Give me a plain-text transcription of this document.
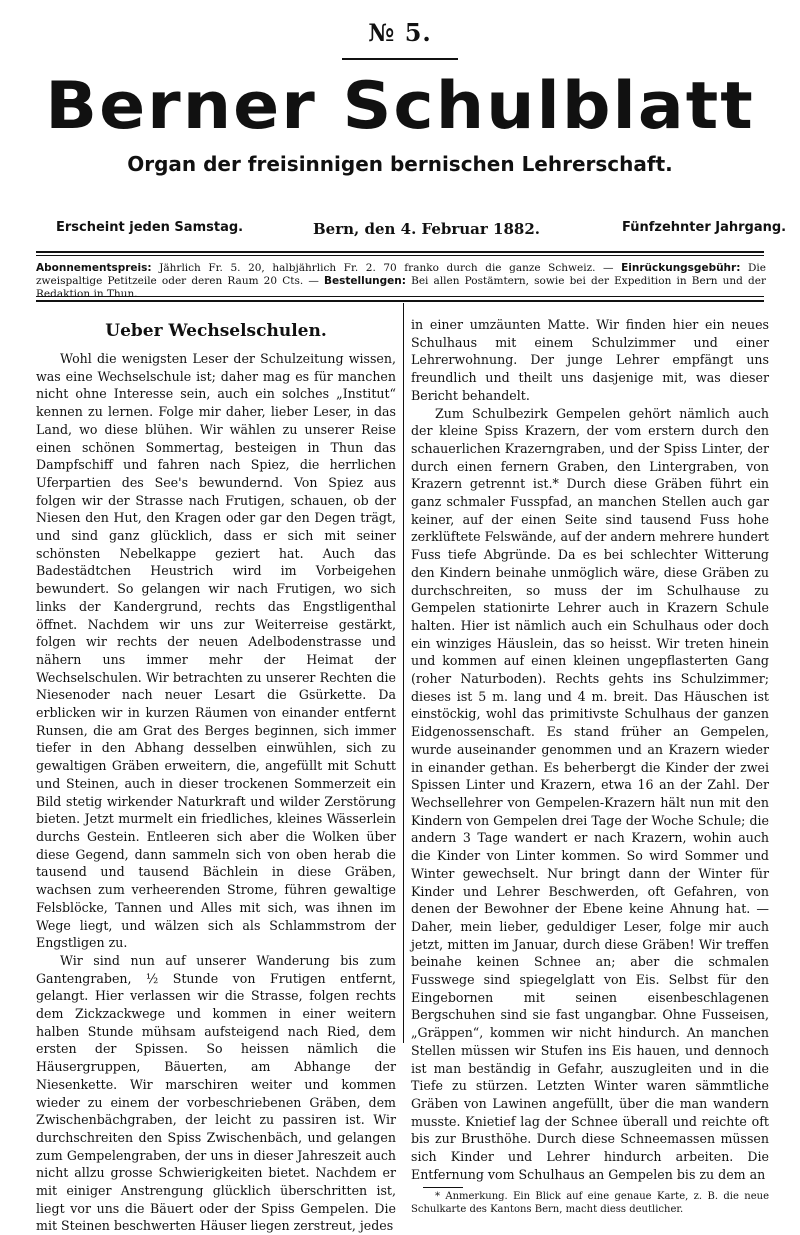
№ 5.
Berner Schulblatt
Organ der freisinnigen bernischen Lehrerschaft.
Erscheint jeden Samstag.	Bern, den 4. Februar 1882.	Fünfzehnter Jahrgang.
Abonnementspreis: Jährlich Fr. 5. 20, halbjährlich Fr. 2. 70 franko durch die ganze Schweiz. — Einrückungsgebühr: Die zweispaltige Petitzeile oder deren Raum 20 Cts. — Bestellungen: Bei allen Postämtern, sowie bei der Expedition in Bern und der Redaktion in Thun.
Ueber Wechselschulen.

Wohl die wenigsten Leser der Schulzeitung wissen, was eine Wechselschule ist; daher mag es für manchen nicht ohne Interesse sein, auch ein solches „Institut“ kennen zu lernen. Folge mir daher, lieber Leser, in das Land, wo diese blühen. Wir wählen zu unserer Reise einen schönen Sommertag, besteigen in Thun das Dampfschiff und fahren nach Spiez, die herrlichen Uferpartien des See's bewundernd. Von Spiez aus folgen wir der Strasse nach Frutigen, schauen, ob der Niesen den Hut, den Kragen oder gar den Degen trägt, und sind ganz glücklich, dass er sich mit seiner schönsten Nebelkappe geziert hat. Auch das Badestädtchen Heustrich wird im Vorbeigehen bewundert. So gelangen wir nach Frutigen, wo sich links der Kandergrund, rechts das Engstligenthal öffnet. Nachdem wir uns zur Weiterreise gestärkt, folgen wir rechts der neuen Adelbodenstrasse und nähern uns immer mehr der Heimat der Wechselschulen. Wir betrachten zu unserer Rechten die Niesenoder nach neuer Lesart die Gsürkette. Da erblicken wir in kurzen Räumen von einander entfernt Runsen, die am Grat des Berges beginnen, sich immer tiefer in den Abhang desselben einwühlen, sich zu gewaltigen Gräben erweitern, die, angefüllt mit Schutt und Steinen, auch in dieser trockenen Sommerzeit ein Bild stetig wirkender Naturkraft und wilder Zerstörung bieten. Jetzt murmelt ein friedliches, kleines Wässerlein durchs Gestein. Entleeren sich aber die Wolken über diese Gegend, dann sammeln sich von oben herab die tausend und tausend Bächlein in diese Gräben, wachsen zum verheerenden Strome, führen gewaltige Felsblöcke, Tannen und Alles mit sich, was ihnen im Wege liegt, und wälzen sich als Schlammstrom der Engstligen zu.

Wir sind nun auf unserer Wanderung bis zum Gantengraben, ½ Stunde von Frutigen entfernt, gelangt. Hier verlassen wir die Strasse, folgen rechts dem Zickzackwege und kommen in einer weitern halben Stunde mühsam aufsteigend nach Ried, dem ersten der Spissen. So heissen nämlich die Häusergruppen, Bäuerten, am Abhange der Niesenkette. Wir marschiren weiter und kommen wieder zu einem der vorbeschriebenen Gräben, dem Zwischenbächgraben, der leicht zu passiren ist. Wir durchschreiten den Spiss Zwischenbäch, und gelangen zum Gempelengraben, der uns in dieser Jahreszeit auch nicht allzu grosse Schwierigkeiten bietet. Nachdem er mit einiger Anstrengung glücklich überschritten ist, liegt vor uns die Bäuert oder der Spiss Gempelen. Die mit Steinen beschwerten Häuser liegen zerstreut, jedes

in einer umzäunten Matte. Wir finden hier ein neues Schulhaus mit einem Schulzimmer und einer Lehrerwohnung. Der junge Lehrer empfängt uns freundlich und theilt uns dasjenige mit, was dieser Bericht behandelt.

Zum Schulbezirk Gempelen gehört nämlich auch der kleine Spiss Krazern, der vom erstern durch den schauerlichen Krazerngraben, und der Spiss Linter, der durch einen fernern Graben, den Lintergraben, von Krazern getrennt ist.* Durch diese Gräben führt ein ganz schmaler Fusspfad, an manchen Stellen auch gar keiner, auf der einen Seite sind tausend Fuss hohe zerklüftete Felswände, auf der andern mehrere hundert Fuss tiefe Abgründe. Da es bei schlechter Witterung den Kindern beinahe unmöglich wäre, diese Gräben zu durchschreiten, so muss der im Schulhause zu Gempelen stationirte Lehrer auch in Krazern Schule halten. Hier ist nämlich auch ein Schulhaus oder doch ein winziges Häuslein, das so heisst. Wir treten hinein und kommen auf einen kleinen ungepflasterten Gang (roher Naturboden). Rechts gehts ins Schulzimmer; dieses ist 5 m. lang und 4 m. breit. Das Häuschen ist einstöckig, wohl das primitivste Schulhaus der ganzen Eidgenossenschaft. Es stand früher an Gempelen, wurde auseinander genommen und an Krazern wieder in einander gethan. Es beherbergt die Kinder der zwei Spissen Linter und Krazern, etwa 16 an der Zahl. Der Wechsellehrer von Gempelen-Krazern hält nun mit den Kindern von Gempelen drei Tage der Woche Schule; die andern 3 Tage wandert er nach Krazern, wohin auch die Kinder von Linter kommen. So wird Sommer und Winter gewechselt. Nur bringt dann der Winter für Kinder und Lehrer Beschwerden, oft Gefahren, von denen der Bewohner der Ebene keine Ahnung hat. — Daher, mein lieber, geduldiger Leser, folge mir auch jetzt, mitten im Januar, durch diese Gräben! Wir treffen beinahe keinen Schnee an; aber die schmalen Fusswege sind spiegelglatt von Eis. Selbst für den Eingebornen mit seinen eisenbeschlagenen Bergschuhen sind sie fast ungangbar. Ohne Fusseisen, „Gräppen“, kommen wir nicht hindurch. An manchen Stellen müssen wir Stufen ins Eis hauen, und dennoch ist man beständig in Gefahr, auszugleiten und in die Tiefe zu stürzen. Letzten Winter waren sämmtliche Gräben von Lawinen angefüllt, über die man wandern musste. Knietief lag der Schnee überall und reichte oft bis zur Brusthöhe. Durch diese Schneemassen müssen sich Kinder und Lehrer hindurch arbeiten. Die Entfernung vom Schulhaus an Gempelen bis zu dem an

* Anmerkung. Ein Blick auf eine genaue Karte, z. B. die neue Schulkarte des Kantons Bern, macht diess deutlicher.
